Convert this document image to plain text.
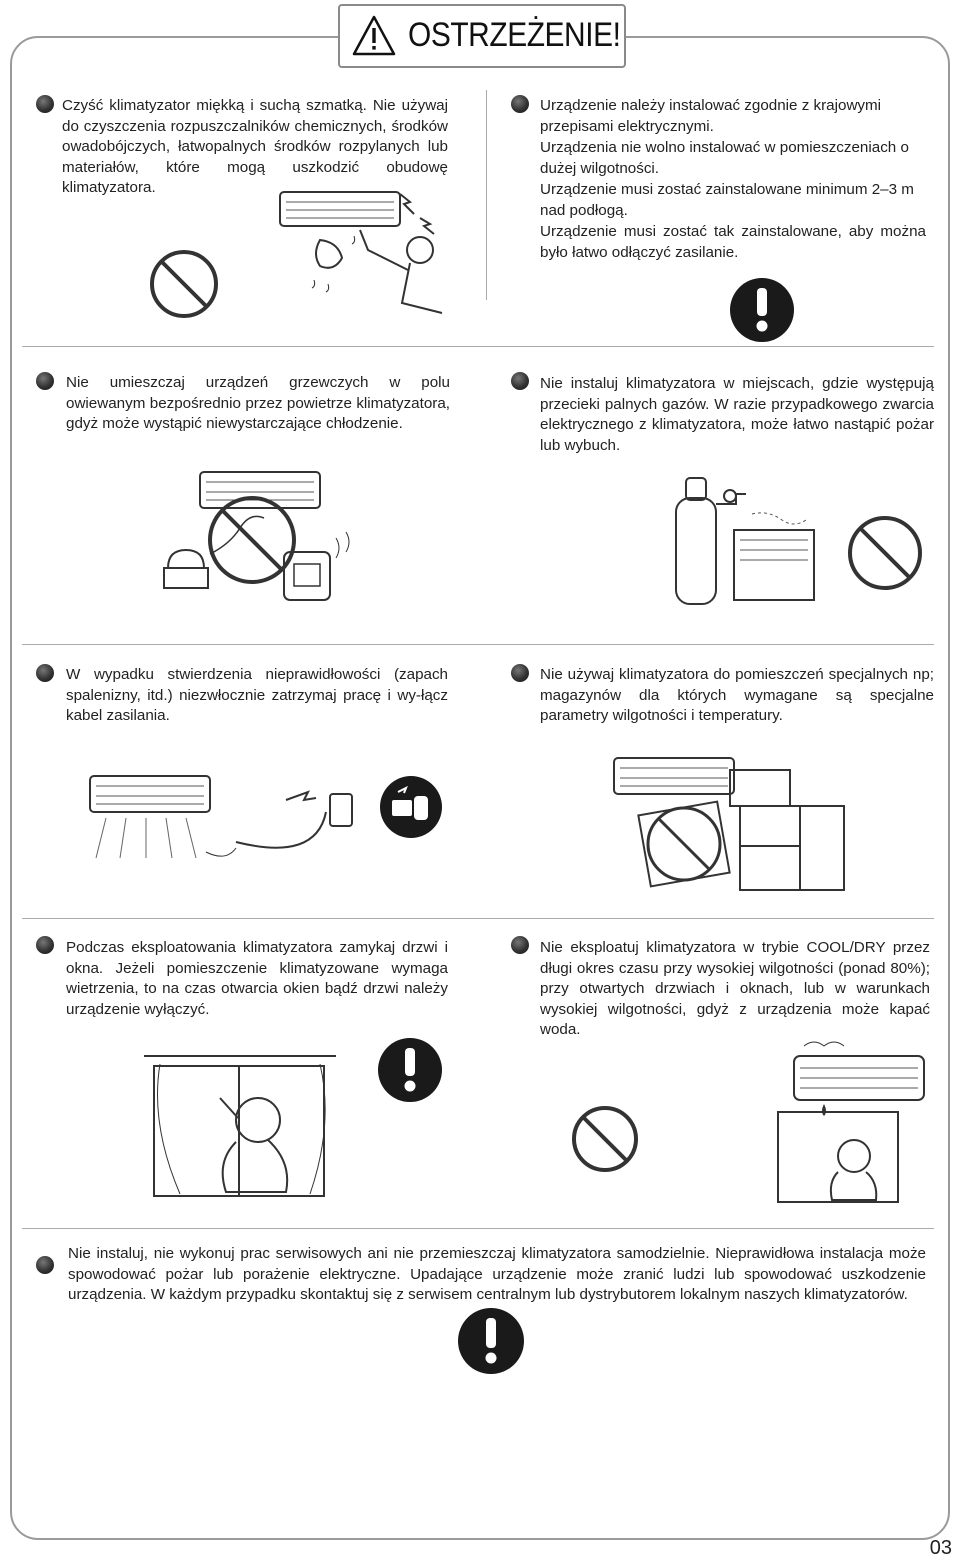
OSTRZEŻENIE!
Czyść klimatyzator miękką i suchą szmatką. Nie używaj do czyszczenia rozpuszczalników chemicznych, środków owadobójczych, łatwopalnych środków rozpylanych lub materiałów, które mogą uszkodzić obudowę klimatyzatora.

Urządzenie należy instalować zgodnie z krajowymi przepisami elektrycznymi.

Urządzenia nie wolno instalować w pomieszczeniach o dużej wilgotności.

Urządzenie musi zostać zainstalowane minimum 2–3 m nad podłogą.

Urządzenie musi zostać tak zainstalowane, aby można było łatwo odłączyć zasilanie.

Nie umieszczaj urządzeń grzewczych w polu owiewanym bezpośrednio przez powietrze klimatyzatora, gdyż może wystąpić niewystarczające chłodzenie.
Nie instaluj klimatyzatora w miejscach, gdzie występują przecieki palnych gazów. W razie przypadkowego zwarcia elektrycznego z klimatyzatora, może łatwo nastąpić pożar lub wybuch.
W wypadku stwierdzenia nieprawidłowości (zapach spalenizny, itd.) niezwłocznie zatrzymaj pracę i wy-łącz kabel zasilania.
Nie używaj klimatyzatora do pomieszczeń specjalnych np; magazynów dla których wymagane są specjalne parametry wilgotności i temperatury.
Podczas eksploatowania klimatyzatora zamykaj drzwi i okna. Jeżeli pomieszczenie klimatyzowane wymaga wietrzenia, to na czas otwarcia okien bądź drzwi należy urządzenie wyłączyć.
Nie eksploatuj klimatyzatora w trybie COOL/DRY przez długi okres czasu przy wysokiej wilgotności (ponad 80%); przy otwartych drzwiach i oknach, lub w warunkach wysokiej wilgotności, gdyż z urządzenia może kapać woda.
Nie instaluj, nie wykonuj prac serwisowych ani nie przemieszczaj klimatyzatora samodzielnie. Nieprawidłowa instalacja może spowodować pożar lub porażenie elektryczne. Upadające urządzenie może zranić ludzi lub spowodować uszkodzenie urządzenia. W każdym przypadku skontaktuj się z serwisem centralnym lub dystrybutorem lokalnym naszych klimatyzatorów.
03
